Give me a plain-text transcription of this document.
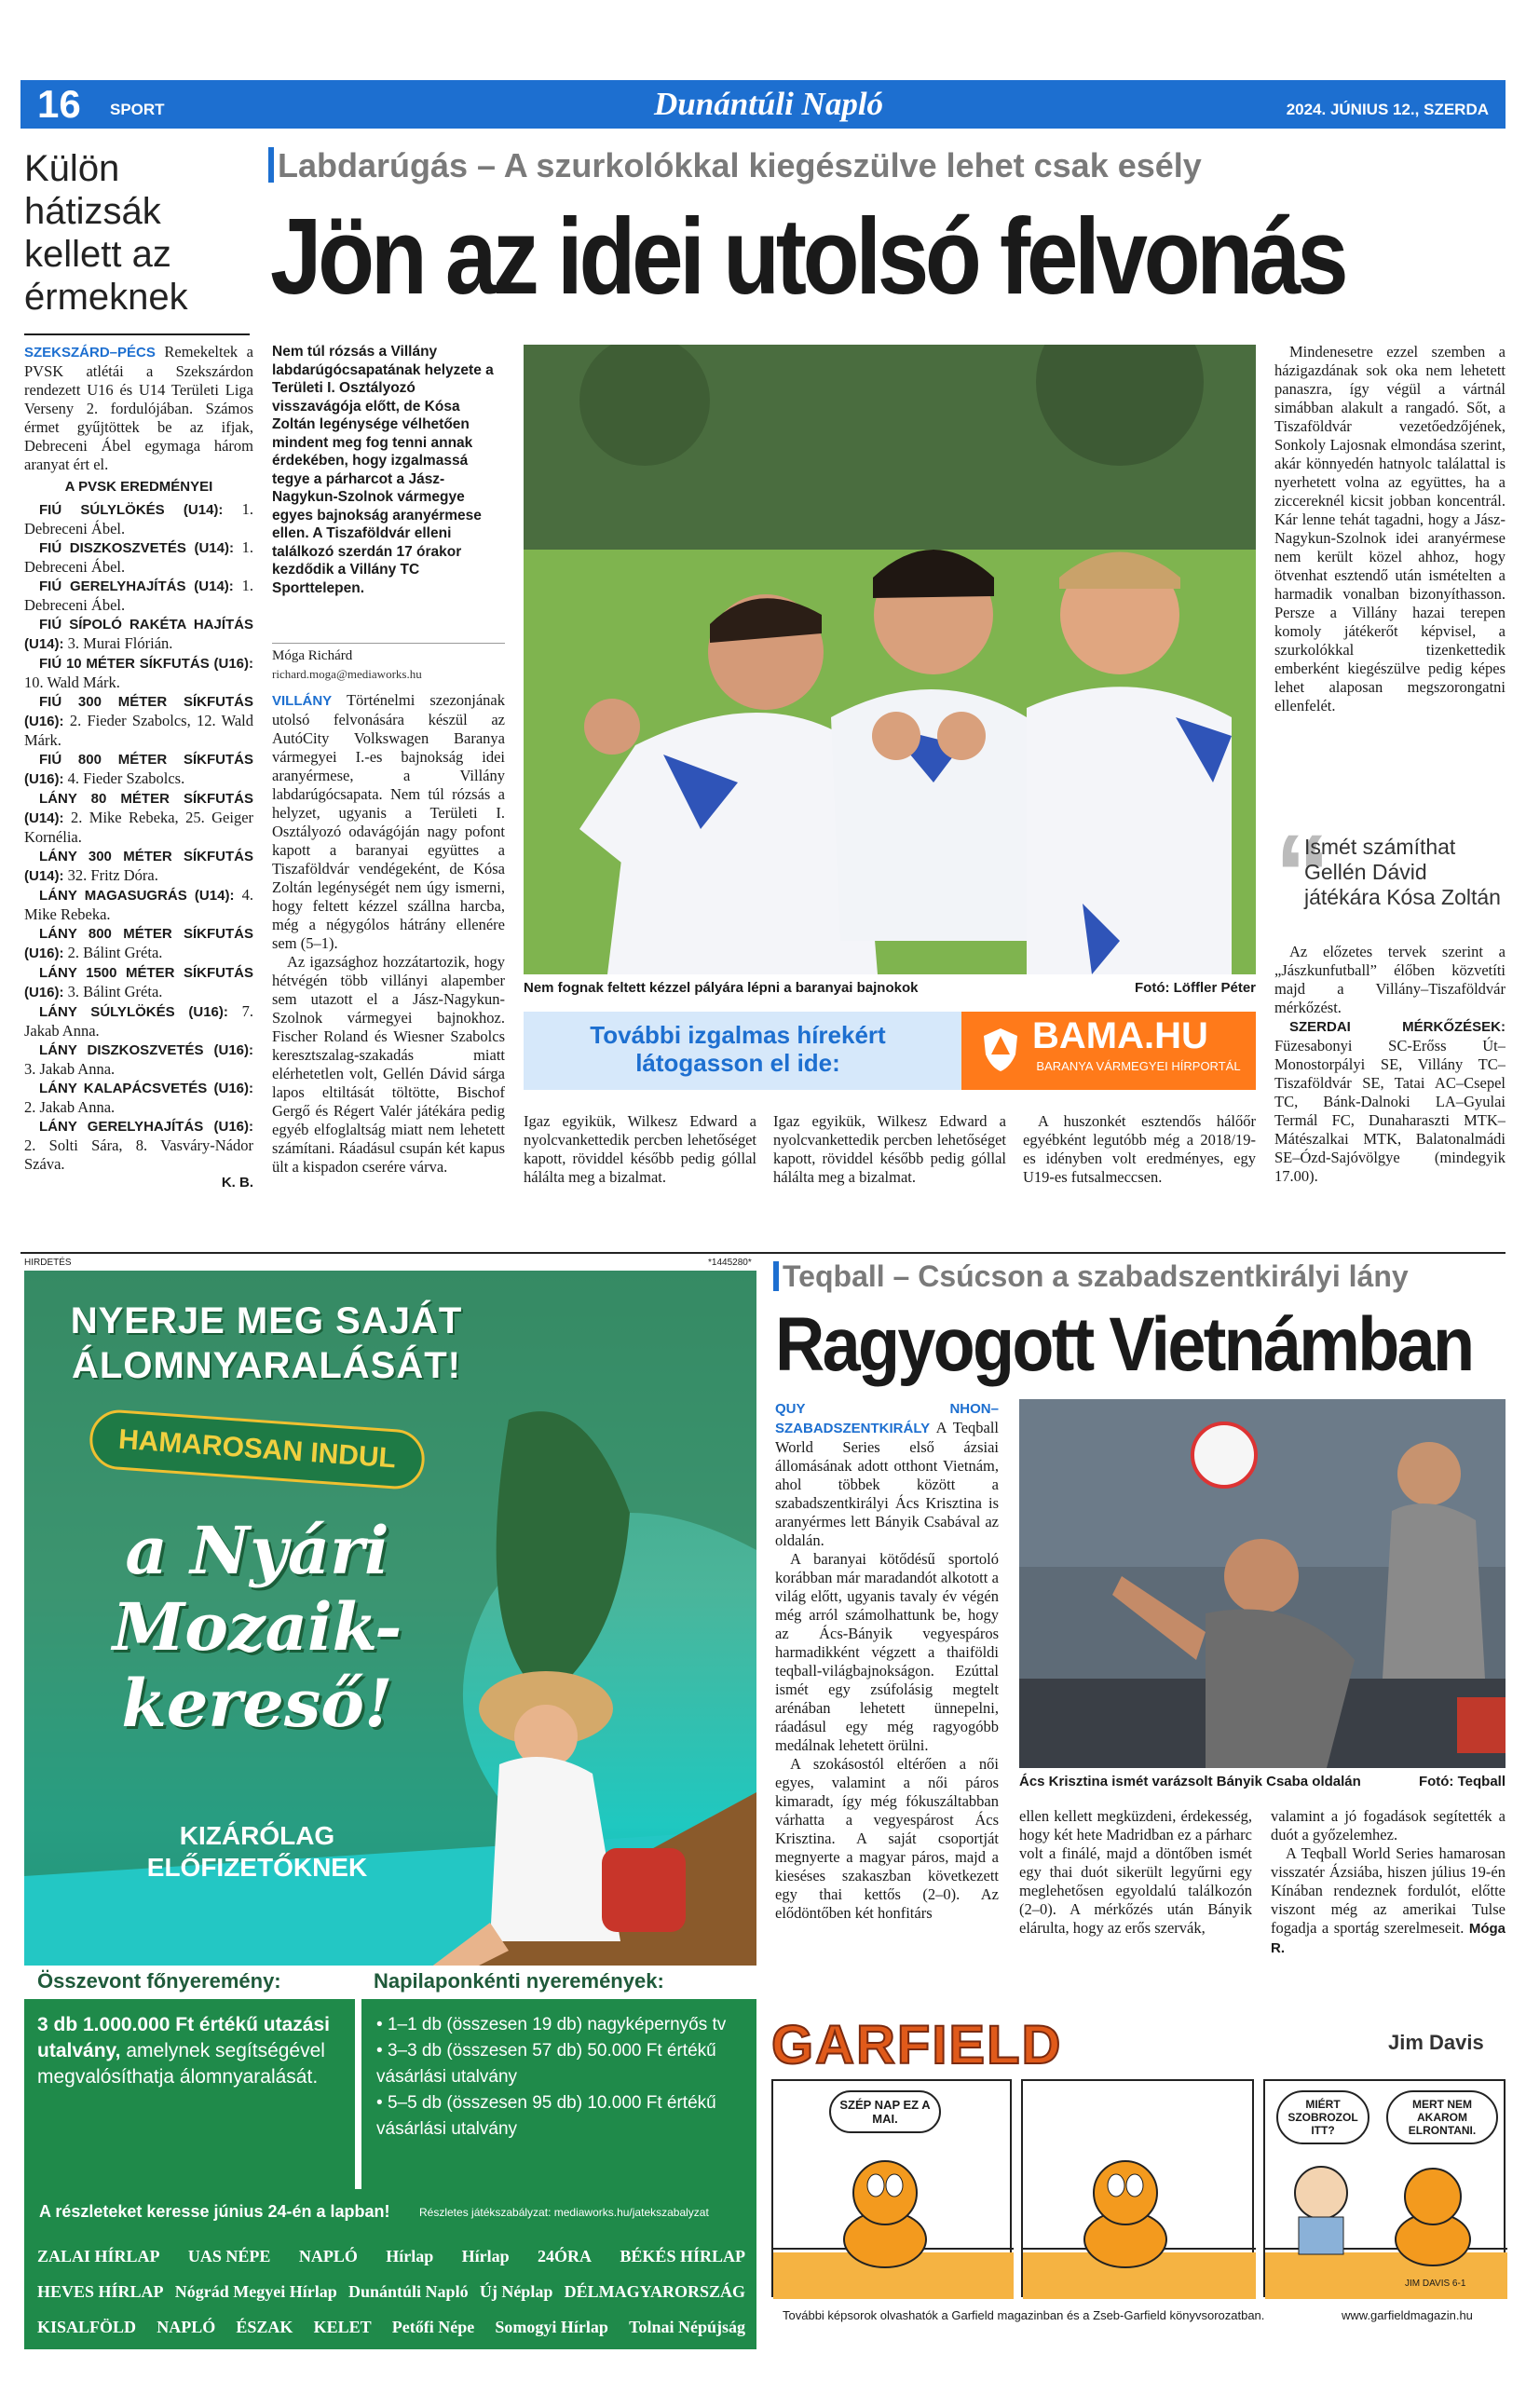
16 SPORT	Dunántúli Napló	2024. JÚNIUS 12., SZERDA
Külön hátizsák kellett az érmeknek
SZEKSZÁRD–PÉCS Remekeltek a PVSK atlétái a Szekszárdon rendezett U16 és U14 Területi Liga Verseny 2. fordulójában. Számos érmet gyűjtöttek be az ifjak, Debreceni Ábel egymaga három aranyat ért el.
A PVSK EREDMÉNYEI
FIÚ SÚLYLÖKÉS (U14): 1. Debreceni Ábel.
FIÚ DISZKOSZVETÉS (U14): 1. Debreceni Ábel.
FIÚ GERELYHAJÍTÁS (U14): 1. Debreceni Ábel.
FIÚ SÍPOLÓ RAKÉTA HAJÍTÁS (U14): 3. Murai Flórián.
FIÚ 10 MÉTER SÍKFUTÁS (U16): 10. Wald Márk.
FIÚ 300 MÉTER SÍKFUTÁS (U16): 2. Fieder Szabolcs, 12. Wald Márk.
FIÚ 800 MÉTER SÍKFUTÁS (U16): 4. Fieder Szabolcs.
LÁNY 80 MÉTER SÍKFUTÁS (U14): 2. Mike Rebeka, 25. Geiger Kornélia.
LÁNY 300 MÉTER SÍKFUTÁS (U14): 32. Fritz Dóra.
LÁNY MAGASUGRÁS (U14): 4. Mike Rebeka.
LÁNY 800 MÉTER SÍKFUTÁS (U16): 2. Bálint Gréta.
LÁNY 1500 MÉTER SÍKFUTÁS (U16): 3. Bálint Gréta.
LÁNY SÚLYLÖKÉS (U16): 7. Jakab Anna.
LÁNY DISZKOSZVETÉS (U16): 3. Jakab Anna.
LÁNY KALAPÁCSVETÉS (U16): 2. Jakab Anna.
LÁNY GERELYHAJÍTÁS (U16): 2. Solti Sára, 8. Vasváry-Nádor Száva.
K. B.
Labdarúgás – A szurkolókkal kiegészülve lehet csak esély
Jön az idei utolsó felvonás
Nem túl rózsás a Villány labdarúgócsapatának helyzete a Területi I. Osztályozó visszavágója előtt, de Kósa Zoltán legénysége vélhetően mindent meg fog tenni annak érdekében, hogy izgalmassá tegye a párharcot a Jász-Nagykun-Szolnok vármegye egyes bajnokság aranyérmese ellen. A Tiszaföldvár elleni találkozó szerdán 17 órakor kezdődik a Villány TC Sporttelepen.
Móga Richárd
richard.moga@mediaworks.hu
VILLÁNY Történelmi szezonjának utolsó felvonására készül az AutóCity Volkswagen Baranya vármegyei I.-es bajnokság idei aranyérmese, a Villány labdarúgócsapata. Nem túl rózsás a helyzet, ugyanis a Területi I. Osztályozó odavágóján nagy pofont kapott a baranyai együttes a Tiszaföldvár vendégeként, de Kósa Zoltán legénységét nem úgy ismerni, hogy feltett kézzel szállna harcba, még a négygólos hátrány ellenére sem (5–1).
Az igazsághoz hozzátartozik, hogy hétvégén több villányi alapember sem utazott el a Jász-Nagykun-Szolnok vármegyei bajnokhoz. Fischer Roland és Wiesner Szabolcs keresztszalag-szakadás miatt elérhetetlen volt, Gellén Dávid sárga lapos eltiltását töltötte, Bischof Gergő és Régert Valér játékára pedig egyéb elfoglaltság miatt nem lehetett számítani. Ráadásul csupán két kapus ült a kispadon cserére várva.
Nem fognak feltett kézzel pályára lépni a baranyai bajnokok	Fotó: Löffler Péter
További izgalmas hírekért látogasson el ide:
BAMA.HU
BARANYA VÁRMEGYEI HÍRPORTÁL
Igaz egyikük, Wilkesz Edward a nyolcvankettedik percben lehetőséget kapott, röviddel később pedig góllal hálálta meg a bizalmat.
Igaz egyikük, Wilkesz Edward a nyolcvankettedik percben lehetőséget kapott, röviddel később pedig góllal hálálta meg a bizalmat.
A huszonkét esztendős hálőőr egyébként legutóbb még a 2018/19-es idényben volt eredményes, egy U19-es futsalmeccsen.
Mindenesetre ezzel szemben a házigazdának sok oka nem lehetett panaszra, így végül a vártnál simábban alakult a rangadó. Sőt, a Tiszaföldvár vezetőedzőjének, Sonkoly Lajosnak elmondása szerint, akár könnyedén hatnyolc találattal is nyerhetett volna az együttes, ha a ziccereknél kicsit jobban koncentrál. Kár lenne tehát tagadni, hogy a Jász-Nagykun-Szolnok idei aranyérmese nem került közel ahhoz, hogy ötvenhat esztendő után ismételten a harmadik vonalban bizonyíthasson. Persze a Villány hazai terepen komoly játékerőt képvisel, a szurkolókkal tizenkettedik emberként kiegészülve pedig képes lehet alaposan megszorongatni ellenfelét.
“
Ismét számíthat Gellén Dávid játékára Kósa Zoltán
Az előzetes tervek szerint a „Jászkunfutball” élőben közvetíti majd a Villány–Tiszaföldvár mérkőzést.
SZERDAI MÉRKŐZÉSEK: Füzesabonyi SC-Erőss Út–Monostorpályi SE, Villány TC–Tiszaföldvár SE, Tatai AC–Csepel TC, Bánk-Dalnoki LA–Gyulai Termál FC, Dunaharaszti MTK–Mátészalkai MTK, Balatonalmádi SE–Ózd-Sajóvölgye (mindegyik 17.00).
HIRDETÉS	*1445280*
NYERJE MEG SAJÁT ÁLOMNYARALÁSÁT!
HAMAROSAN INDUL
a Nyári Mozaik-kereső!
KIZÁRÓLAG ELŐFIZETŐKNEK
Összevont főnyeremény:
3 db 1.000.000 Ft értékű utazási utalvány, amelynek segítségével megvalósíthatja álomnyaralását.
Napilaponkénti nyeremények:
• 1–1 db (összesen 19 db) nagyképernyős tv
• 3–3 db (összesen 57 db) 50.000 Ft értékű vásárlási utalvány
• 5–5 db (összesen 95 db) 10.000 Ft értékű vásárlási utalvány
A részleteket keresse június 24-én a lapban!	Részletes játékszabályzat: mediaworks.hu/jatekszabalyzat
ZALAI HÍRLAP UAS NÉPE NAPLÓ Hírlap Hírlap 24ÓRA BÉKÉS HÍRLAP
HEVES HÍRLAP Nógrád Megyei Hírlap Dunántúli Napló Új Néplap DÉLMAGYARORSZÁG
KISALFÖLD NAPLÓ ÉSZAK KELET Petőfi Népe Somogyi Hírlap Tolnai Népújság
Teqball – Csúcson a szabadszentkirályi lány
Ragyogott Vietnámban
QUY NHON–SZABADSZENTKIRÁLY A Teqball World Series első ázsiai állomásának adott otthont Vietnám, ahol többek között a szabadszentkirályi Ács Krisztina is aranyérmes lett Bányik Csabával az oldalán.
A baranyai kötődésű sportoló korábban már maradandót alkotott a világ előtt, ugyanis tavaly év végén még arról számolhattunk be, hogy az Ács-Bányik vegyespáros harmadikként végzett a thaiföldi teqball-világbajnokságon. Ezúttal ismét egy zsúfolásig megtelt arénában lehetett ünnepelni, ráadásul egy még ragyogóbb medálnak lehetett örülni.
A szokásostól eltérően a női egyes, valamint a női páros kimaradt, így még fókuszáltabban várhatta a vegyespárost Ács Krisztina. A saját csoportját megnyerte a magyar páros, majd a kieséses szakaszban következett egy thai kettős (2–0). Az elődöntőben két honfitárs
Ács Krisztina ismét varázsolt Bányik Csaba oldalán	Fotó: Teqball
ellen kellett megküzdeni, érdekesség, hogy két hete Madridban ez a párharc volt a finálé, majd a döntőben ismét egy thai duót sikerült legyűrni egy meglehetősen egyoldalú találkozón (2–0). A mérkőzés után Bányik elárulta, hogy az erős szervák,
valamint a jó fogadások segítették a duót a győzelemhez.
A Teqball World Series hamarosan visszatér Ázsiába, hiszen július 19-én Kínában rendeznek fordulót, előtte viszont még az amerikai Tulse fogadja a sportág szerelmeseit. Móga R.
GARFIELD	Jim Davis
SZÉP NAP EZ A MAI.
MIÉRT SZOBROZOL ITT?
MERT NEM AKAROM ELRONTANI.
JIM DAVIS 6-1
További képsorok olvashatók a Garfield magazinban és a Zseb-Garfield könyvsorozatban.	www.garfieldmagazin.hu
